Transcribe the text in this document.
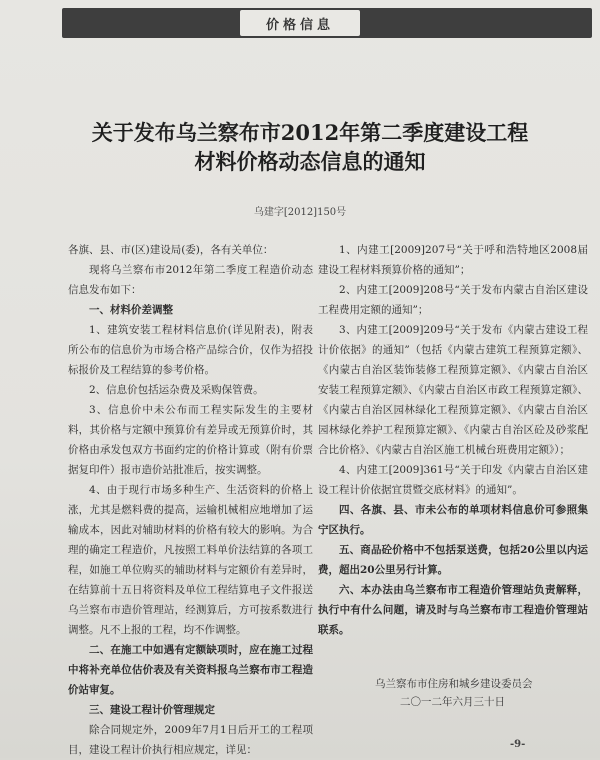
价格信息
关于发布乌兰察布市2012年第二季度建设工程
材料价格动态信息的通知
乌建字[2012]150号

各旗、县、市(区)建设局(委)，各有关单位：

现将乌兰察布市2012年第二季度工程造价动态信息发布如下：

一、材料价差调整

1、建筑安装工程材料信息价(详见附表)，附表所公布的信息价为市场合格产品综合价，仅作为招投标报价及工程结算的参考价格。

2、信息价包括运杂费及采购保管费。

3、信息价中未公布而工程实际发生的主要材料，其价格与定额中预算价有差异或无预算价时，其价格由承发包双方书面约定的价格计算或（附有价票据复印件）报市造价站批准后，按实调整。

4、由于现行市场多种生产、生活资料的价格上涨，尤其是燃料费的提高，运输机械相应地增加了运输成本，因此对辅助材料的价格有较大的影响。为合理的确定工程造价，凡按照工料单价法结算的各项工程，如施工单位购买的辅助材料与定额价有差异时，在结算前十五日将资料及单位工程结算电子文件报送乌兰察布市造价管理站，经测算后，方可按系数进行调整。凡不上报的工程，均不作调整。

二、在施工中如遇有定额缺项时，应在施工过程中将补充单位估价表及有关资料报乌兰察布市工程造价站审复。

三、建设工程计价管理规定

除合同规定外，2009年7月1日后开工的工程项目，建设工程计价执行相应规定，详见：

1、内建工[2009]207号“关于呼和浩特地区2008届建设工程材料预算价格的通知”；

2、内建工[2009]208号“关于发布内蒙古自治区建设工程费用定额的通知”；

3、内建工[2009]209号“关于发布《内蒙古建设工程计价依据》的通知”（包括《内蒙古建筑工程预算定额》、《内蒙古自治区装饰装修工程预算定额》、《内蒙古自治区安装工程预算定额》、《内蒙古自治区市政工程预算定额》、《内蒙古自治区园林绿化工程预算定额》、《内蒙古自治区园林绿化养护工程预算定额》、《内蒙古自治区砼及砂浆配合比价格》、《内蒙古自治区施工机械台班费用定额》）；

4、内建工[2009]361号“关于印发《内蒙古自治区建设工程计价依据宜贯暨交底材料》的通知”。

四、各旗、县、市未公布的单项材料信息价可参照集宁区执行。

五、商品砼价格中不包括泵送费，包括20公里以内运费，超出20公里另行计算。

六、本办法由乌兰察布市工程造价管理站负责解释，执行中有什么问题，请及时与乌兰察布市工程造价管理站联系。

乌兰察布市住房和城乡建设委员会
二〇一二年六月三十日
-9-
